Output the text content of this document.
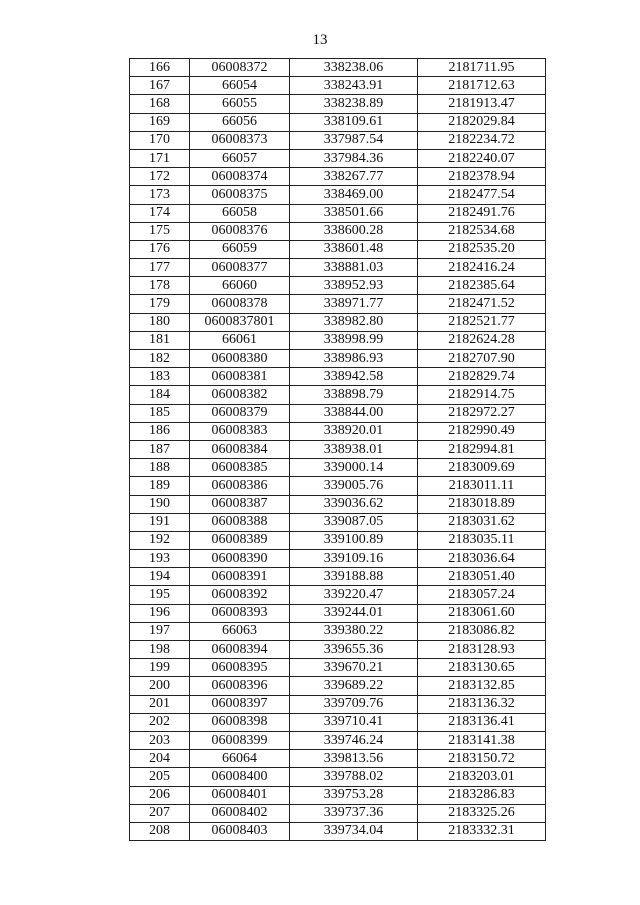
13
166	06008372	338238.06	2181711.95
167	66054	338243.91	2181712.63
168	66055	338238.89	2181913.47
169	66056	338109.61	2182029.84
170	06008373	337987.54	2182234.72
171	66057	337984.36	2182240.07
172	06008374	338267.77	2182378.94
173	06008375	338469.00	2182477.54
174	66058	338501.66	2182491.76
175	06008376	338600.28	2182534.68
176	66059	338601.48	2182535.20
177	06008377	338881.03	2182416.24
178	66060	338952.93	2182385.64
179	06008378	338971.77	2182471.52
180	0600837801	338982.80	2182521.77
181	66061	338998.99	2182624.28
182	06008380	338986.93	2182707.90
183	06008381	338942.58	2182829.74
184	06008382	338898.79	2182914.75
185	06008379	338844.00	2182972.27
186	06008383	338920.01	2182990.49
187	06008384	338938.01	2182994.81
188	06008385	339000.14	2183009.69
189	06008386	339005.76	2183011.11
190	06008387	339036.62	2183018.89
191	06008388	339087.05	2183031.62
192	06008389	339100.89	2183035.11
193	06008390	339109.16	2183036.64
194	06008391	339188.88	2183051.40
195	06008392	339220.47	2183057.24
196	06008393	339244.01	2183061.60
197	66063	339380.22	2183086.82
198	06008394	339655.36	2183128.93
199	06008395	339670.21	2183130.65
200	06008396	339689.22	2183132.85
201	06008397	339709.76	2183136.32
202	06008398	339710.41	2183136.41
203	06008399	339746.24	2183141.38
204	66064	339813.56	2183150.72
205	06008400	339788.02	2183203.01
206	06008401	339753.28	2183286.83
207	06008402	339737.36	2183325.26
208	06008403	339734.04	2183332.31
